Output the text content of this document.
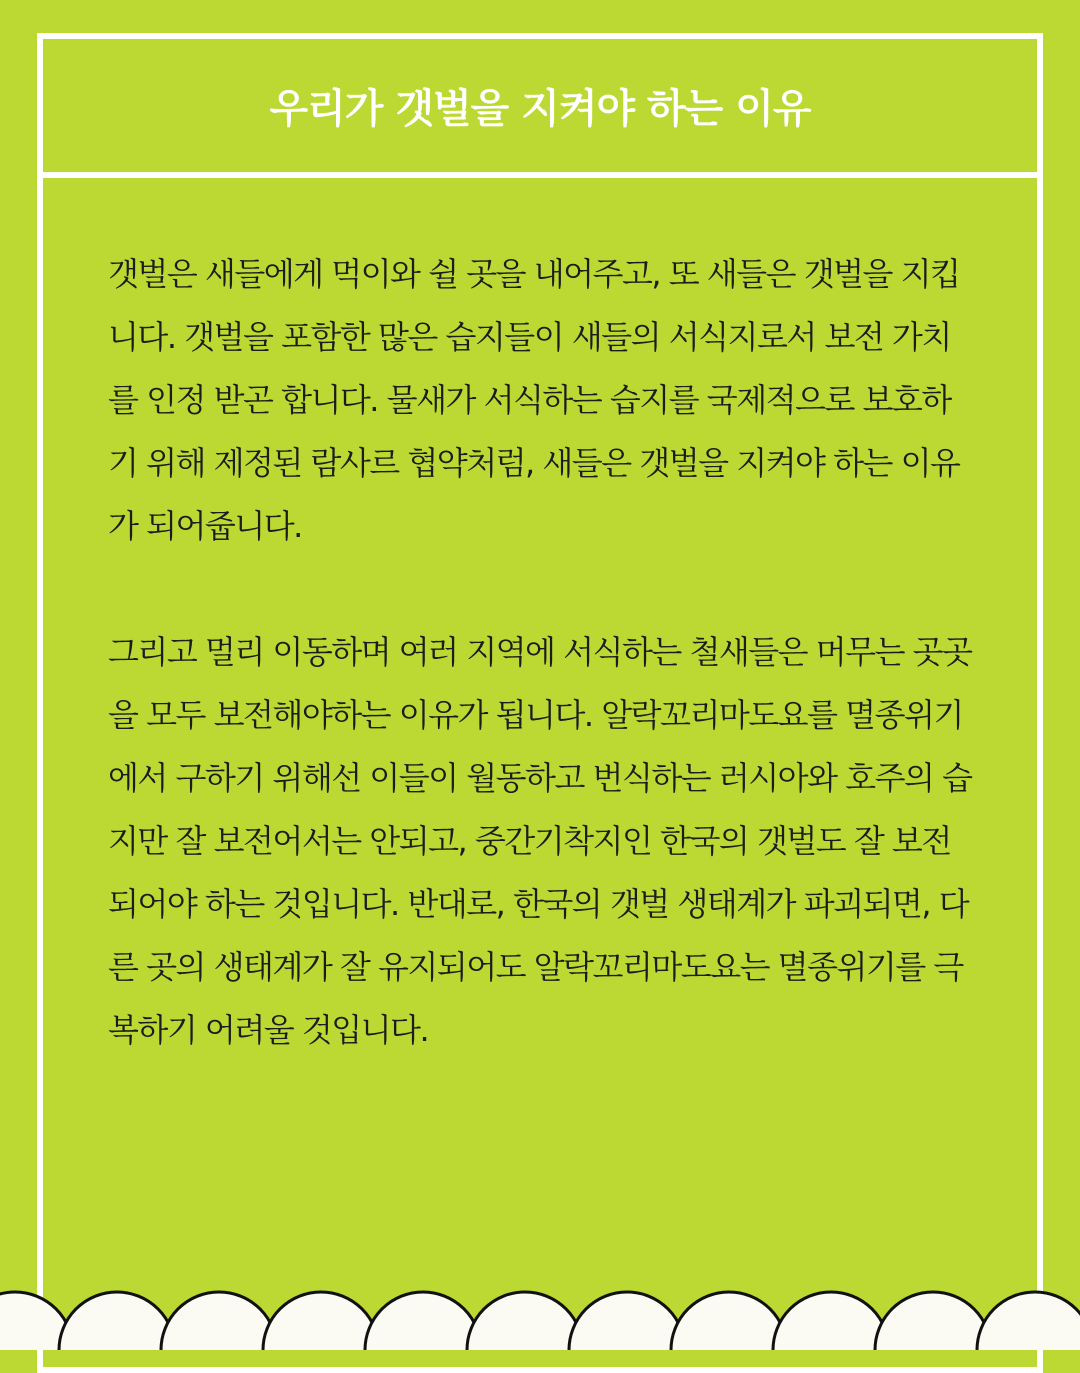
우리가 갯벌을 지켜야 하는 이유

갯벌은 새들에게 먹이와 쉴 곳을 내어주고, 또 새들은 갯벌을 지킵니다. 갯벌을 포함한 많은 습지들이 새들의 서식지로서 보전 가치를 인정 받곤 합니다. 물새가 서식하는 습지를 국제적으로 보호하기 위해 제정된 람사르 협약처럼, 새들은 갯벌을 지켜야 하는 이유가 되어줍니다.

그리고 멀리 이동하며 여러 지역에 서식하는 철새들은 머무는 곳곳을 모두 보전해야하는 이유가 됩니다. 알락꼬리마도요를 멸종위기에서 구하기 위해선 이들이 월동하고 번식하는 러시아와 호주의 습지만 잘 보전어서는 안되고, 중간기착지인 한국의 갯벌도 잘 보전되어야 하는 것입니다. 반대로, 한국의 갯벌 생태계가 파괴되면, 다른 곳의 생태계가 잘 유지되어도 알락꼬리마도요는 멸종위기를 극복하기 어려울 것입니다.
